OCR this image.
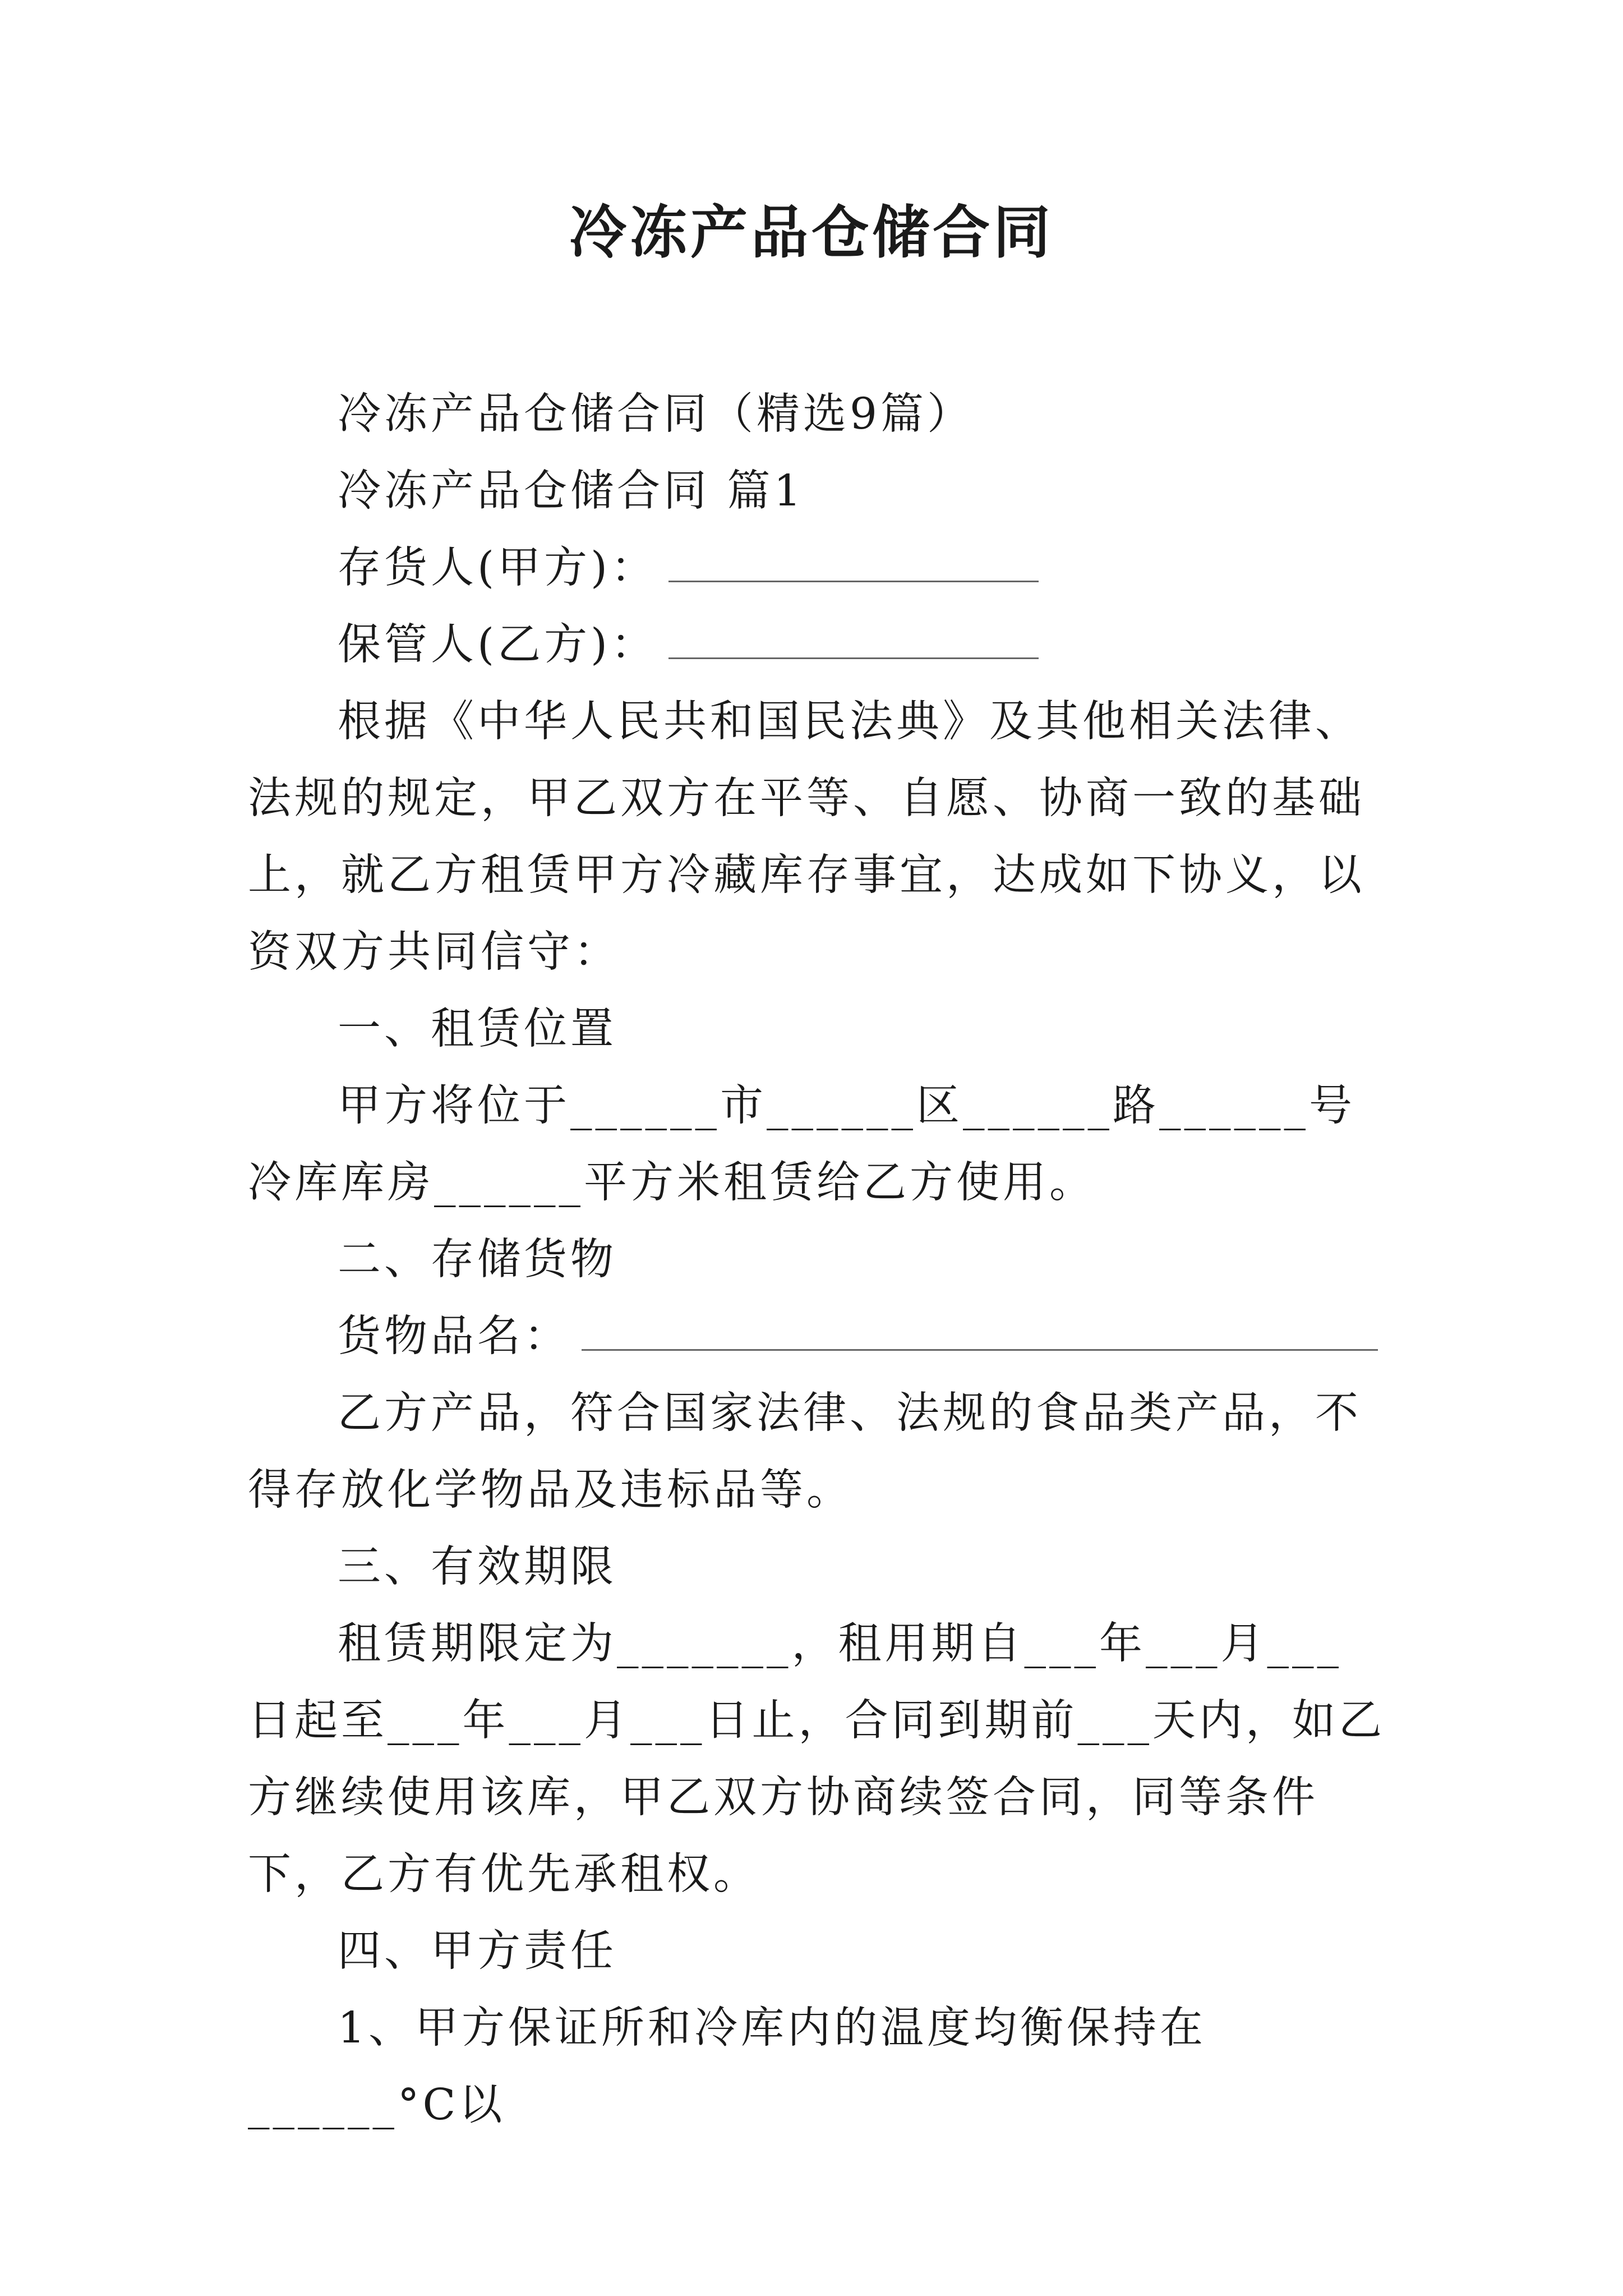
冷冻产品仓储合同

冷冻产品仓储合同（精选9篇）

冷冻产品仓储合同 篇1

存货人(甲方)：

保管人(乙方)：

根据《中华人民共和国民法典》及其他相关法律、法规的规定，甲乙双方在平等、自愿、协商一致的基础上，就乙方租赁甲方冷藏库存事宜，达成如下协义，以资双方共同信守：

一、租赁位置

甲方将位于______市______区______路______号冷库库房______平方米租赁给乙方使用。

二、存储货物

货物品名：

乙方产品，符合国家法律、法规的食品类产品，不得存放化学物品及违标品等。

三、有效期限

租赁期限定为_______，租用期自___年___月___日起至___年___月___日止，合同到期前___天内，如乙方继续使用该库，甲乙双方协商续签合同，同等条件下，乙方有优先承租权。

四、甲方责任

1、甲方保证所和冷库内的温度均衡保持在______°C以
